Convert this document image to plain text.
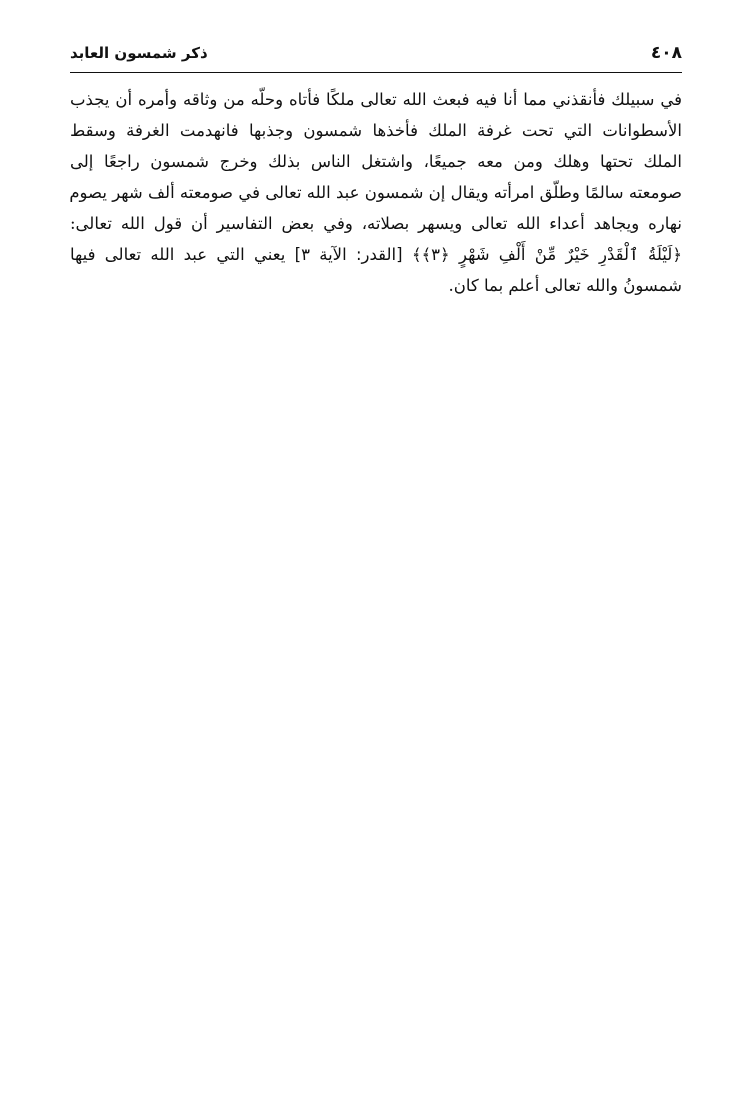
٤٠٨
ذكر شمسون العابد
في سبيلك فأنقذني مما أنا فيه فبعث الله تعالى ملكًا فأتاه وحلّه من وثاقه وأمره أن يجذب
الأسطوانات التي تحت غرفة الملك فأخذها شمسون وجذبها فانهدمت الغرفة وسقط
الملك تحتها وهلك ومن معه جميعًا، واشتغل الناس بذلك وخرج شمسون راجعًا إلى
صومعته سالمًا وطلّق امرأته ويقال إن شمسون عبد الله تعالى في صومعته ألف شهر يصوم
نهاره ويجاهد أعداء الله تعالى ويسهر بصلاته، وفي بعض التفاسير أن قول الله تعالى:
﴿لَيْلَةُ ٱلْقَدْرِ خَيْرٌ مِّنْ أَلْفِ شَهْرٍ ﴿٣﴾﴾ [القدر: الآية ٣] يعني التي عبد الله تعالى فيها
شمسونُ والله تعالى أعلم بما كان.
